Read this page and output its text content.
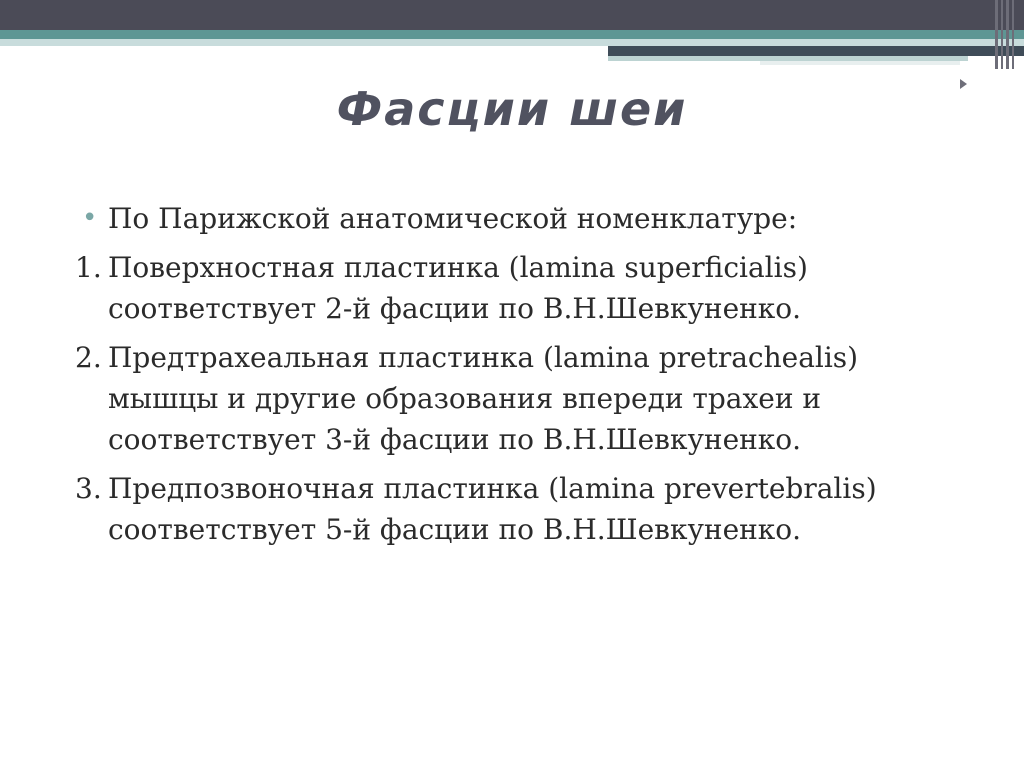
Фасции шеи
• По Парижской анатомической номенклатуре:
1. Поверхностная пластинка (lamina superficialis) соответствует 2-й фасции по В.Н.Шевкуненко.
2. Предтрахеальная пластинка (lamina pretrachealis) мышцы и другие образования впереди трахеи и соответствует 3-й фасции по В.Н.Шевкуненко.
3. Предпозвоночная пластинка (lamina prevertebralis) соответствует 5-й фасции по В.Н.Шевкуненко.
